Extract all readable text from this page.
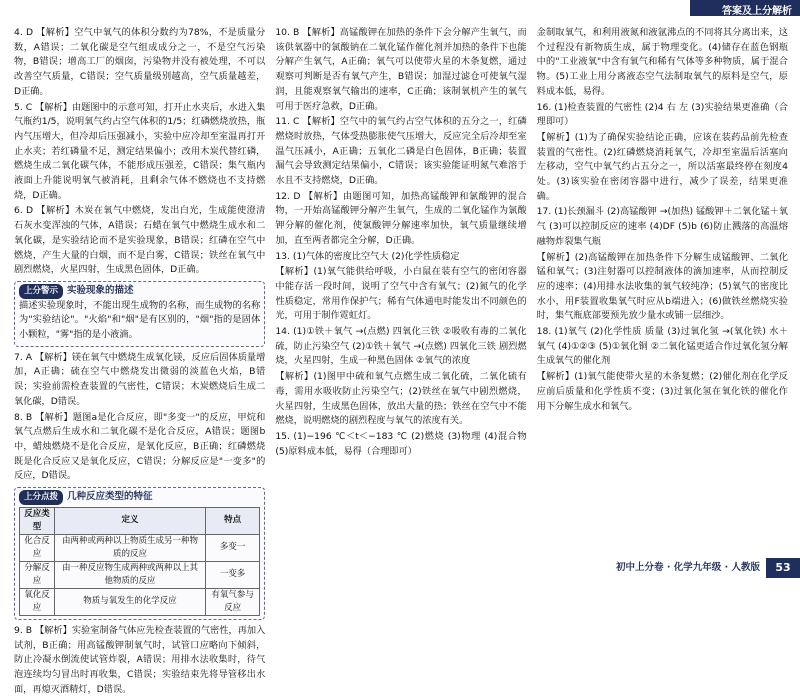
答案及上分解析
4. D 【解析】空气中氧气的体积分数约为78%，不是质量分数，A错误；二氧化碳是空气组成成分之一，不是空气污染物，B错误；增高工厂的烟囱，污染物并没有被处理，不可以改善空气质量，C错误；空气质量级别越高，空气质量越差，D正确。
5. C 【解析】由题图中的示意可知，打开止水夹后，水进入集气瓶约1/5，说明氧气约占空气体积的1/5；红磷燃烧放热，瓶内气压增大，但冷却后压强减小，实验中应冷却至室温再打开止水夹；若红磷量不足，测定结果偏小；改用木炭代替红磷，燃烧生成二氧化碳气体，不能形成压强差，C错误；集气瓶内液面上升能说明氧气被消耗，且剩余气体不燃烧也不支持燃烧，D正确。
6. D 【解析】木炭在氧气中燃烧，发出白光，生成能使澄清石灰水变浑浊的气体，A错误；石蜡在氧气中燃烧生成水和二氧化碳，是实验结论而不是实验现象，B错误；红磷在空气中燃烧，产生大量的白烟，而不是白雾，C错误；铁丝在氧气中剧烈燃烧，火星四射，生成黑色固体，D正确。
上分警示 实验现象的描述
描述实验现象时，不能出现生成物的名称，而生成物的名称为"实验结论"。"火焰"和"烟"是有区别的，"烟"指的是固体小颗粒，"雾"指的是小液滴。
7. A 【解析】镁在氧气中燃烧生成氧化镁，反应后固体质量增加，A正确；硫在空气中燃烧发出微弱的淡蓝色火焰，B错误；实验前需检查装置的气密性，C错误；木炭燃烧后生成二氧化碳，D错误。
8. B 【解析】题图a是化合反应，即"多变一"的反应，甲烷和氧气点燃后生成水和二氧化碳不是化合反应，A错误；题图b中，蜡烛燃烧不是化合反应，是氧化反应，B正确；红磷燃烧既是化合反应又是氧化反应，C错误；分解反应是"一变多"的反应，D错误。
上分点拨 几种反应类型的特征
反应类型	定义	特点
化合反应	由两种或两种以上物质生成另一种物质的反应	多变一
分解反应	由一种反应物生成两种或两种以上其他物质的反应	一变多
氧化反应	物质与氧发生的化学反应	有氧气参与反应
9. B 【解析】实验室制备气体应先检查装置的气密性，再加入试剂，B正确；用高锰酸钾制氧气时，试管口应略向下倾斜，防止冷凝水倒流使试管炸裂，A错误；用排水法收集时，待气泡连续均匀冒出时再收集，C错误；实验结束先将导管移出水面，再熄灭酒精灯，D错误。
10. B 【解析】高锰酸钾在加热的条件下会分解产生氧气，而该供氧器中的氯酸钠在二氧化锰作催化剂并加热的条件下也能分解产生氧气，A正确；氧气可以使带火星的木条复燃，通过观察可判断是否有氧气产生，B错误；加湿过滤仓可使氧气湿润，且能观察氧气输出的速率，C正确；该制氧机产生的氧气可用于医疗急救，D正确。
11. C 【解析】空气中的氧气约占空气体积的五分之一，红磷燃烧时放热，气体受热膨胀使气压增大，反应完全后冷却至室温气压减小，A正确；五氧化二磷是白色固体，B正确；装置漏气会导致测定结果偏小，C错误；该实验能证明氮气难溶于水且不支持燃烧，D正确。
12. D 【解析】由题图可知，加热高锰酸钾和氯酸钾的混合物，一开始高锰酸钾分解产生氧气，生成的二氧化锰作为氯酸钾分解的催化剂，使氯酸钾分解速率加快，氧气质量继续增加，直至两者都完全分解，D正确。
13. (1)气体的密度比空气大 (2)化学性质稳定
【解析】(1)氧气能供给呼吸，小白鼠在装有空气的密闭容器中能存活一段时间，说明了空气中含有氧气；(2)氮气的化学性质稳定，常用作保护气；稀有气体通电时能发出不同颜色的光，可用于制作霓虹灯。
14. (1)①铁＋氧气 →(点燃) 四氧化三铁 ②吸收有毒的二氧化硫，防止污染空气 (2)①铁＋氧气 →(点燃) 四氧化三铁 剧烈燃烧，火星四射，生成一种黑色固体 ②氧气的浓度
【解析】(1)图甲中硫和氧气点燃生成二氧化硫，二氧化硫有毒，需用水吸收防止污染空气；(2)铁丝在氧气中剧烈燃烧，火星四射，生成黑色固体，放出大量的热；铁丝在空气中不能燃烧，说明燃烧的剧烈程度与氧气的浓度有关。
15. (1)−196 ℃＜t＜−183 ℃ (2)燃烧 (3)物理 (4)混合物 (5)原料成本低，易得（合理即可）
金制取氧气，和利用液氮和液氩沸点的不同将其分离出来，这个过程没有新物质生成，属于物理变化。(4)储存在蓝色钢瓶中的"工业液氧"中含有氧气和稀有气体等多种物质，属于混合物。(5)工业上用分离液态空气法制取氧气的原料是空气，原料成本低，易得。
16. (1)检查装置的气密性 (2)4 右 左 (3)实验结果更准确（合理即可）
【解析】(1)为了确保实验结论正确，应该在装药品前先检查装置的气密性。(2)红磷燃烧消耗氧气，冷却至室温后活塞向左移动，空气中氧气约占五分之一，所以活塞最终停在刻度4处。(3)该实验在密闭容器中进行，减少了误差，结果更准确。
17. (1)长颈漏斗 (2)高锰酸钾 →(加热) 锰酸钾＋二氧化锰＋氧气 (3)可以控制反应的速率 (4)DF (5)b (6)防止溅落的高温熔融物炸裂集气瓶
【解析】(2)高锰酸钾在加热条件下分解生成锰酸钾、二氧化锰和氧气；(3)注射器可以控制液体的滴加速率，从而控制反应的速率；(4)用排水法收集的氧气较纯净；(5)氧气的密度比水小，用F装置收集氧气时应从b端进入；(6)做铁丝燃烧实验时，集气瓶底部要预先放少量水或铺一层细沙。
18. (1)氧气 (2)化学性质 质量 (3)过氧化氢 →(氧化铁) 水＋氧气 (4)①②③ (5)①氧化铜 ②二氧化锰更适合作过氧化氢分解生成氧气的催化剂
【解析】(1)氧气能使带火星的木条复燃；(2)催化剂在化学反应前后质量和化学性质不变；(3)过氧化氢在氧化铁的催化作用下分解生成水和氧气。
初中上分卷 · 化学九年级 · 人教版	53
